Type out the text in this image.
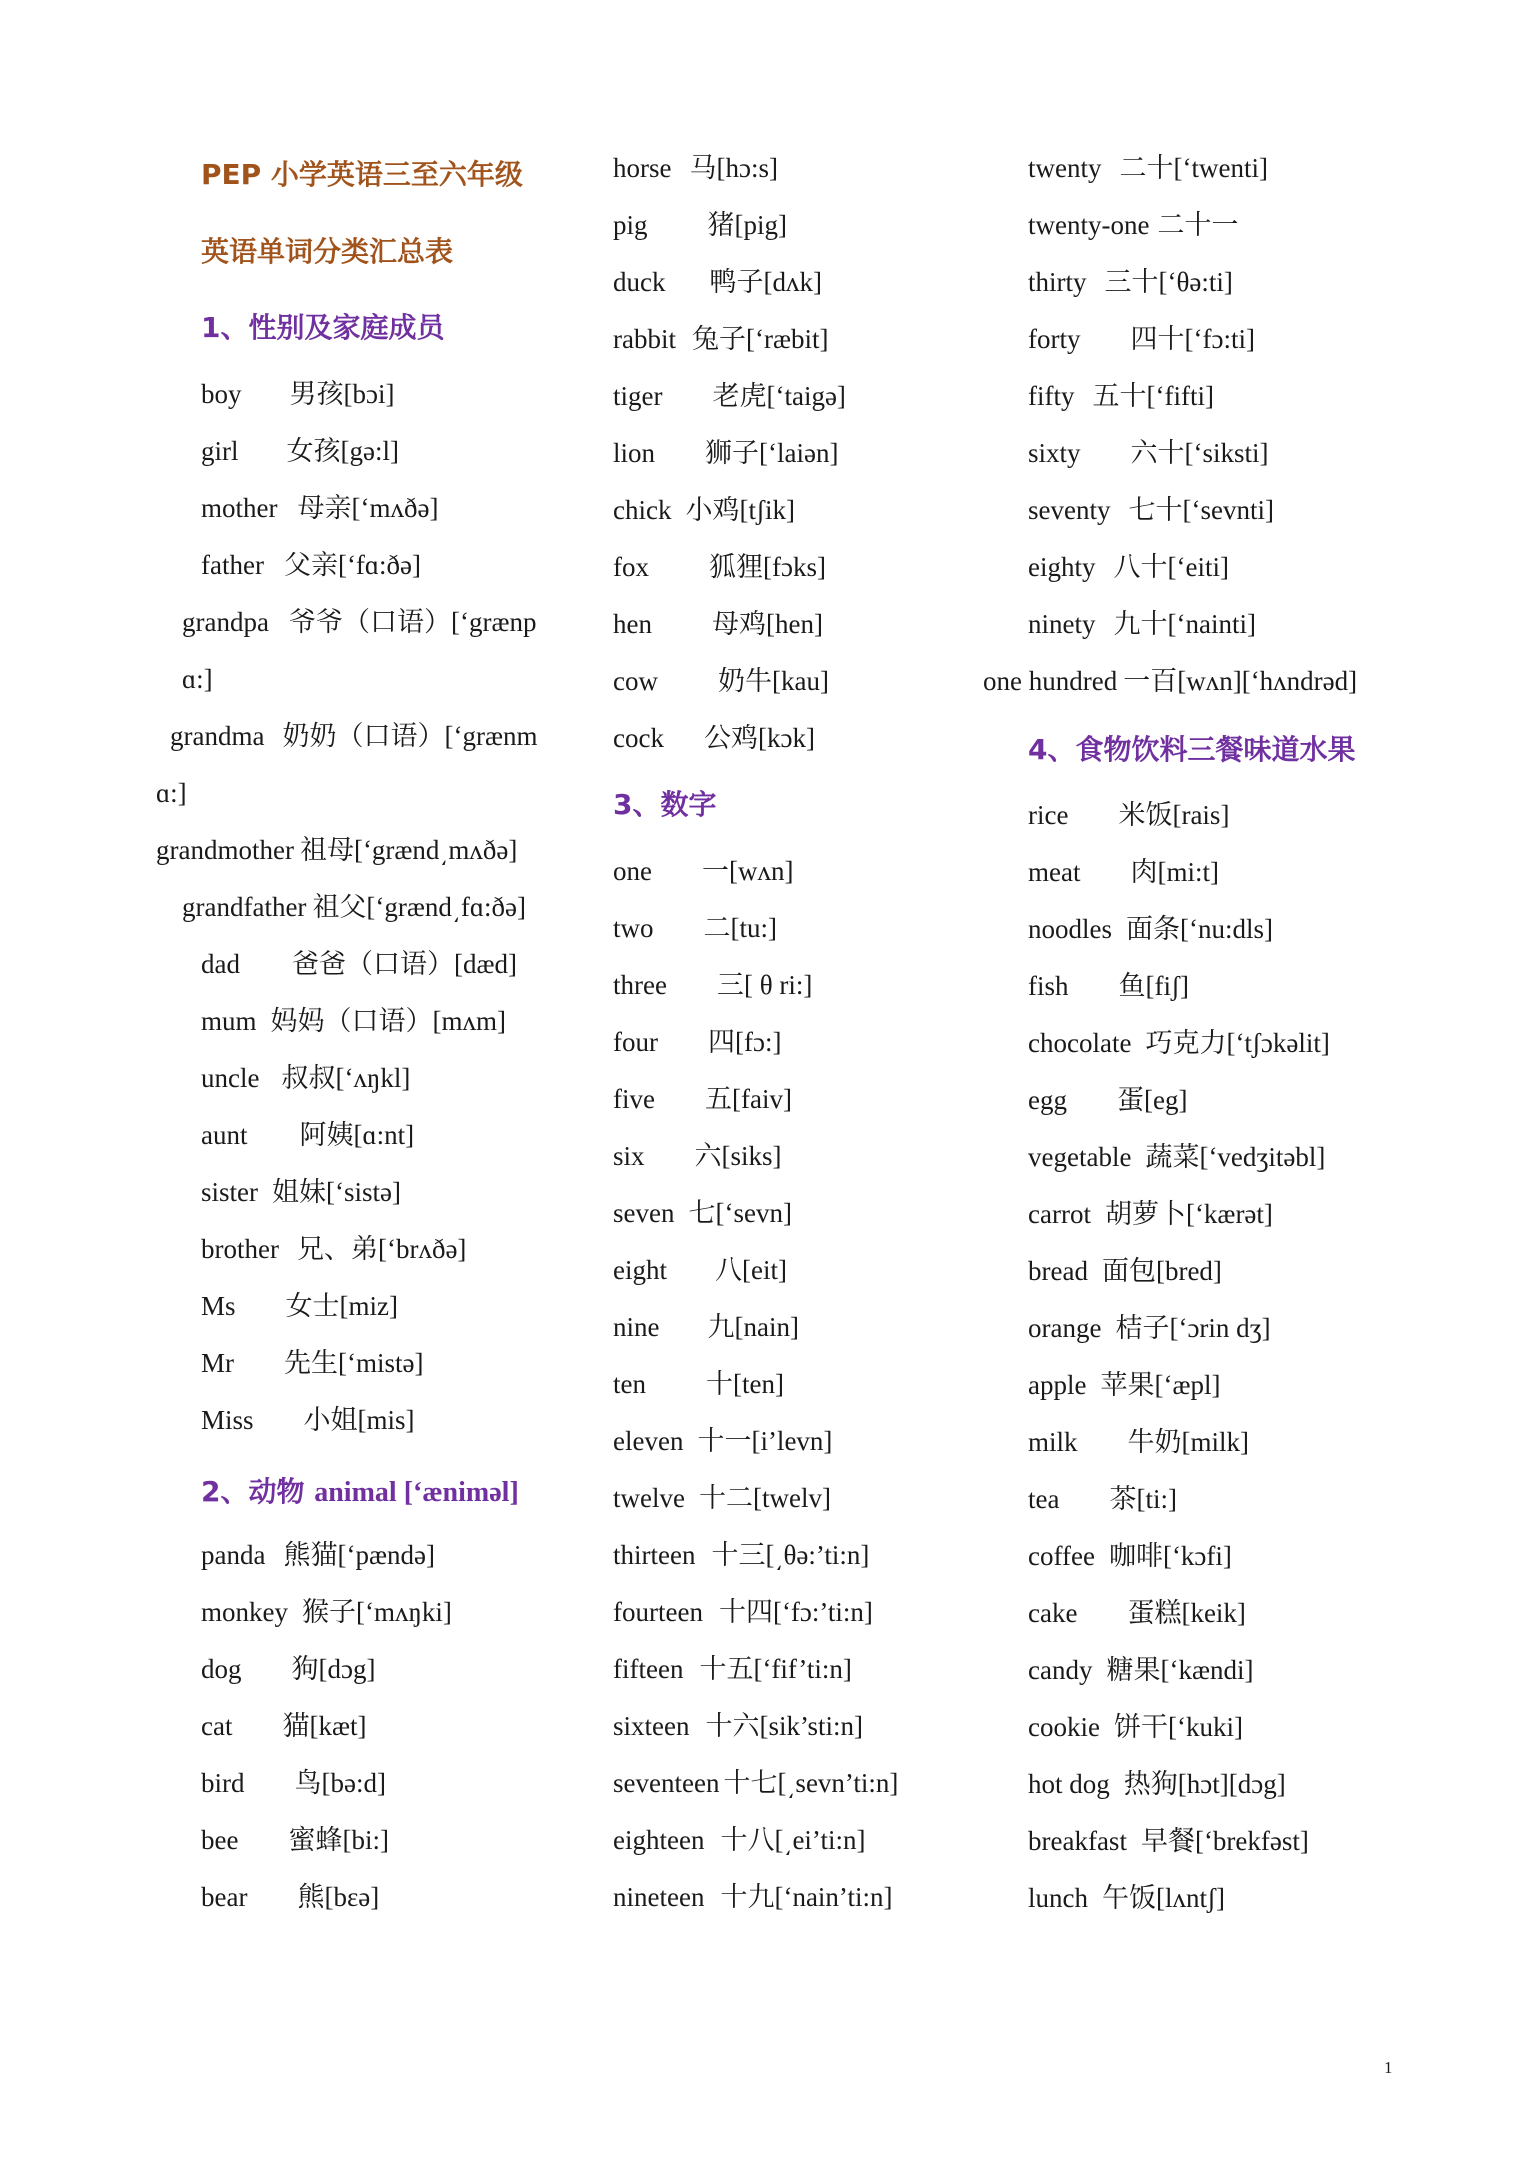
PEP 小学英语三至六年级
英语单词分类汇总表
1、性别及家庭成员
boy 男孩[bɔi]
girl 女孩[gə:l]
mother 母亲[‘mʌðə]
father 父亲[‘fɑ:ðə]
grandpa 爷爷（口语）[‘grænp
ɑ:]
grandma 奶奶（口语）[‘grænm
ɑ:]
grandmother 祖母[‘grænd͵mʌðə]
grandfather 祖父[‘grænd͵fɑ:ðə]
dad 爸爸（口语）[dæd]
mum 妈妈（口语）[mʌm]
uncle 叔叔[‘ʌŋkl]
aunt 阿姨[ɑ:nt]
sister 姐妹[‘sistə]
brother 兄、弟[‘brʌðə]
Ms 女士[miz]
Mr 先生[‘mistə]
Miss 小姐[mis]
2、动物 animal [‘ænimәl]
panda 熊猫[‘pændə]
monkey 猴子[‘mʌŋki]
dog 狗[dɔg]
cat 猫[kæt]
bird 鸟[bə:d]
bee 蜜蜂[bi:]
bear 熊[bɛə]
horse 马[hɔ:s]
pig 猪[pig]
duck 鸭子[dʌk]
rabbit 兔子[‘ræbit]
tiger 老虎[‘taigə]
lion 狮子[‘laiən]
chick 小鸡[tʃik]
fox 狐狸[fɔks]
hen 母鸡[hen]
cow 奶牛[kau]
cock 公鸡[kɔk]
3、数字
one 一[wʌn]
two 二[tu:]
three 三[ θ ri:]
four 四[fɔ:]
five 五[faiv]
six 六[siks]
seven 七[‘sevn]
eight 八[eit]
nine 九[nain]
ten 十[ten]
eleven 十一[i’levn]
twelve 十二[twelv]
thirteen 十三[͵θə:’ti:n]
fourteen 十四[‘fɔ:’ti:n]
fifteen 十五[‘fif’ti:n]
sixteen 十六[sik’sti:n]
seventeen 十七[͵sevn’ti:n]
eighteen 十八[͵ei’ti:n]
nineteen 十九[‘nain’ti:n]
twenty 二十[‘twenti]
twenty-one 二十一
thirty 三十[‘θə:ti]
forty 四十[‘fɔ:ti]
fifty 五十[‘fifti]
sixty 六十[‘siksti]
seventy 七十[‘sevnti]
eighty 八十[‘eiti]
ninety 九十[‘nainti]
one hundred 一百[wʌn][‘hʌndrəd]
4、食物饮料三餐味道水果
rice 米饭[rais]
meat 肉[mi:t]
noodles 面条[‘nu:dls]
fish 鱼[fiʃ]
chocolate 巧克力[‘tʃɔkəlit]
egg 蛋[eg]
vegetable 蔬菜[‘vedʒitəbl]
carrot 胡萝卜[‘kærət]
bread 面包[bred]
orange 桔子[‘ɔrin dʒ]
apple 苹果[‘æpl]
milk 牛奶[milk]
tea 茶[ti:]
coffee 咖啡[‘kɔfi]
cake 蛋糕[keik]
candy 糖果[‘kændi]
cookie 饼干[‘kuki]
hot dog 热狗[hɔt][dɔg]
breakfast 早餐[‘brekfəst]
lunch 午饭[lʌntʃ]
1
